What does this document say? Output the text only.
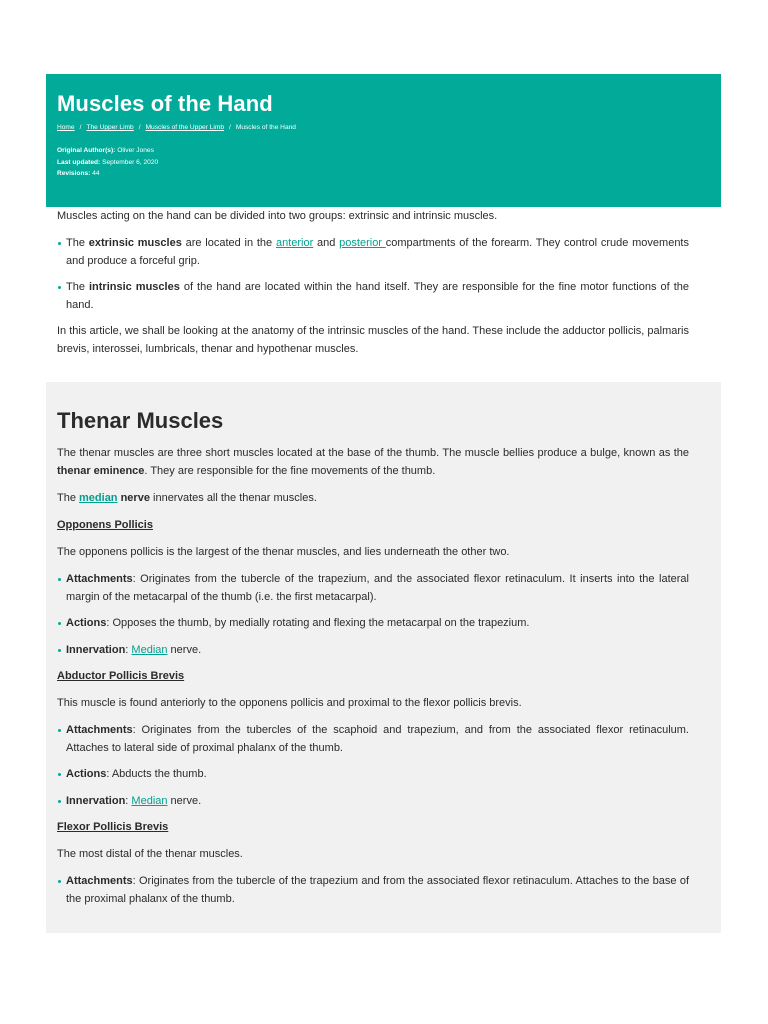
Muscles of the Hand
Home / The Upper Limb / Muscles of the Upper Limb / Muscles of the Hand
Original Author(s): Oliver Jones
Last updated: September 6, 2020
Revisions: 44

Muscles acting on the hand can be divided into two groups: extrinsic and intrinsic muscles.

The extrinsic muscles are located in the anterior and posterior compartments of the forearm. They control crude movements and produce a forceful grip.
The intrinsic muscles of the hand are located within the hand itself. They are responsible for the fine motor functions of the hand.

In this article, we shall be looking at the anatomy of the intrinsic muscles of the hand. These include the adductor pollicis, palmaris brevis, interossei, lumbricals, thenar and hypothenar muscles.

Thenar Muscles

The thenar muscles are three short muscles located at the base of the thumb. The muscle bellies produce a bulge, known as the thenar eminence. They are responsible for the fine movements of the thumb.

The median nerve innervates all the thenar muscles.

Opponens Pollicis

The opponens pollicis is the largest of the thenar muscles, and lies underneath the other two.

Attachments: Originates from the tubercle of the trapezium, and the associated flexor retinaculum. It inserts into the lateral margin of the metacarpal of the thumb (i.e. the first metacarpal).
Actions: Opposes the thumb, by medially rotating and flexing the metacarpal on the trapezium.
Innervation: Median nerve.

Abductor Pollicis Brevis

This muscle is found anteriorly to the opponens pollicis and proximal to the flexor pollicis brevis.

Attachments: Originates from the tubercles of the scaphoid and trapezium, and from the associated flexor retinaculum. Attaches to lateral side of proximal phalanx of the thumb.
Actions: Abducts the thumb.
Innervation: Median nerve.

Flexor Pollicis Brevis

The most distal of the thenar muscles.

Attachments: Originates from the tubercle of the trapezium and from the associated flexor retinaculum. Attaches to the base of the proximal phalanx of the thumb.
